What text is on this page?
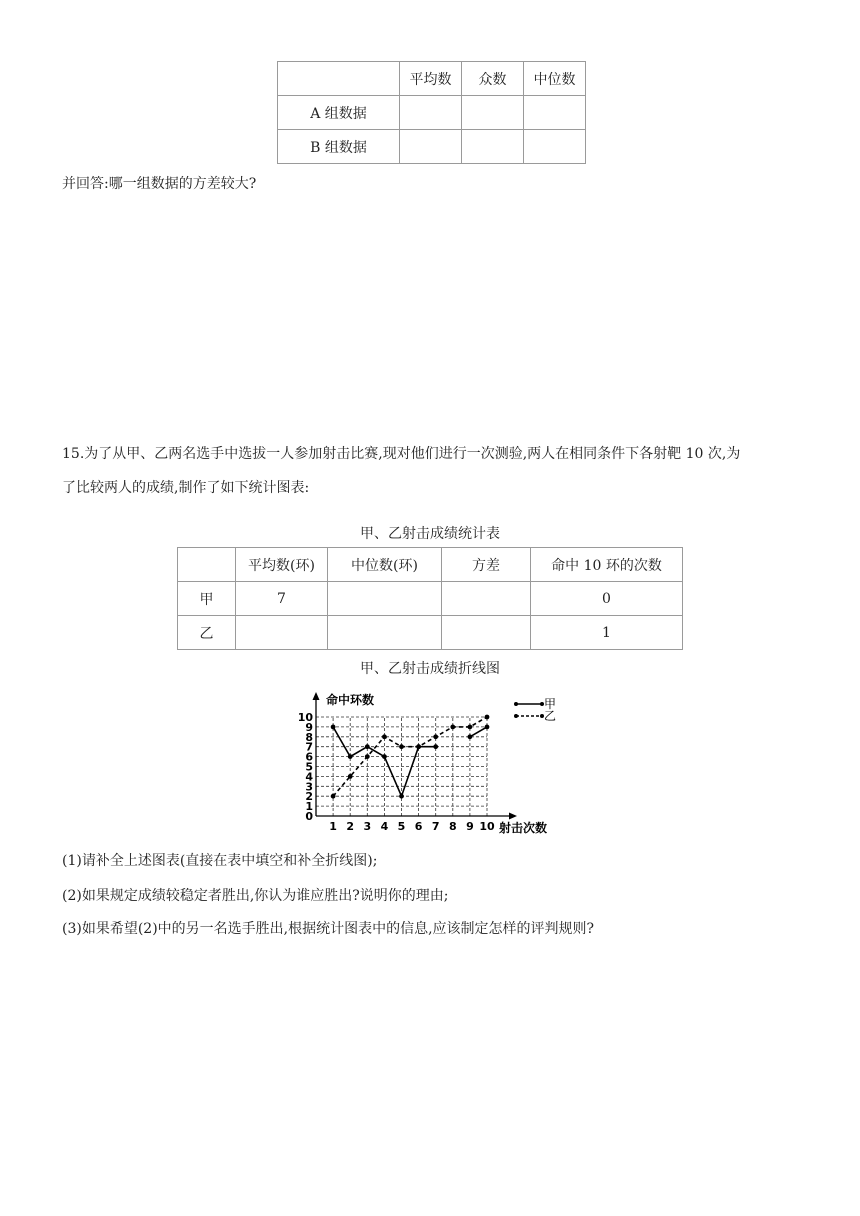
	平均数	众数	中位数
A 组数据			
B 组数据			
并回答:哪一组数据的方差较大?
15.为了从甲、乙两名选手中选拔一人参加射击比赛,现对他们进行一次测验,两人在相同条件下各射靶 10 次,为
了比较两人的成绩,制作了如下统计图表:
甲、乙射击成绩统计表
	平均数(环)	中位数(环)	方差	命中 10 环的次数
甲	7			0
乙				1
甲、乙射击成绩折线图
0
1
2
3
4
5
6
7
8
9
10
1 2 3 4 5 6 7 8 9 10
命中环数
射击次数
甲
乙
(1)请补全上述图表(直接在表中填空和补全折线图);
(2)如果规定成绩较稳定者胜出,你认为谁应胜出?说明你的理由;
(3)如果希望(2)中的另一名选手胜出,根据统计图表中的信息,应该制定怎样的评判规则?
